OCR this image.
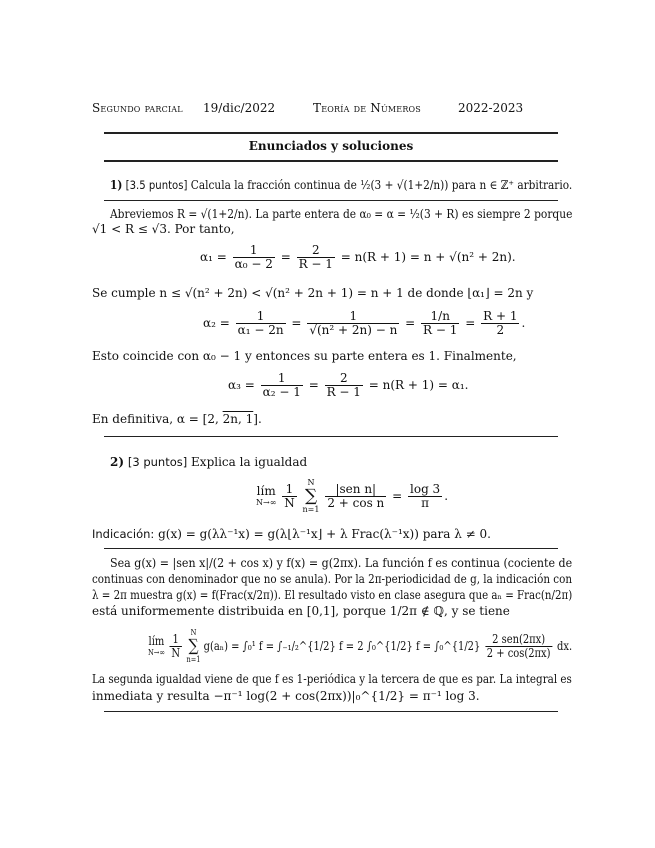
Segundo parcial 19/dic/2022	Teoría de Números	2022-2023
Enunciados y soluciones
1) [3.5 puntos] Calcula la fracción continua de ½(3 + √(1+2/n)) para n ∈ ℤ⁺ arbitrario.
Abreviemos R = √(1+2/n). La parte entera de α₀ = α = ½(3 + R) es siempre 2 porque
√1 < R ≤ √3. Por tanto,
$\alpha_1 = \frac{1}{\text{α₀ − 2}} = \frac{2}{R - 1} = n(R + 1) = n + √(n^2 + 2n)$.
Se cumple n ≤ √(n² + 2n) < √(n² + 2n + 1) = n + 1 de donde ⌊α₁⌋ = 2n y
$\alpha_2 = \frac{1}{\text{α₁ − 2n}} = \frac{1}{\text{√(n² + 2n) − n}} = \frac{1/n}{R - 1} = \frac{R + 1}{2}$ .
Esto coincide con α₀ − 1 y entonces su parte entera es 1. Finalmente,
$\alpha_3 = \frac{1}{\text{α₂ − 1}} = \frac{2}{R - 1} = n(R + 1) = \alpha_1$.
En definitiva, α = [2, 2n, 1].
2) [3 puntos] Explica la igualdad
lím
N→∞
$\frac{1}{N}$

N
∑
n=1
$\frac{\text{|sen n|}}{\text{2 + cos n}} = \frac{\log 3}{\pi}$ .
Indicación: g(x) = g(λλ⁻¹x) = g(λ⌊λ⁻¹x⌋ + λ Frac(λ⁻¹x)) para λ ≠ 0.
Sea g(x) = |sen x|/(2 + cos x) y f(x) = g(2πx). La función f es continua (cociente de
continuas con denominador que no se anula). Por la 2π-periodicidad de g, la indicación con
λ = 2π muestra g(x) = f(Frac(x/2π)). El resultado visto en clase asegura que aₙ = Frac(n/2π)
está uniformemente distribuida en [0,1], porque 1/2π ∉ ℚ, y se tiene
lím
N→∞
$\frac{1}{N}$

N
∑
n=1
g(aₙ) = ∫₀¹ f = ∫₋₁/₂^{1/2} f = 2 ∫₀^{1/2} f = ∫₀^{1/2} $\frac{\text{2 sen(2πx)}}{2 + \cos(2\pi x)}$ dx.
La segunda igualdad viene de que f es 1-periódica y la tercera de que es par. La integral es
inmediata y resulta −π⁻¹ log(2 + cos(2πx))|₀^{1/2} = π⁻¹ log 3.
